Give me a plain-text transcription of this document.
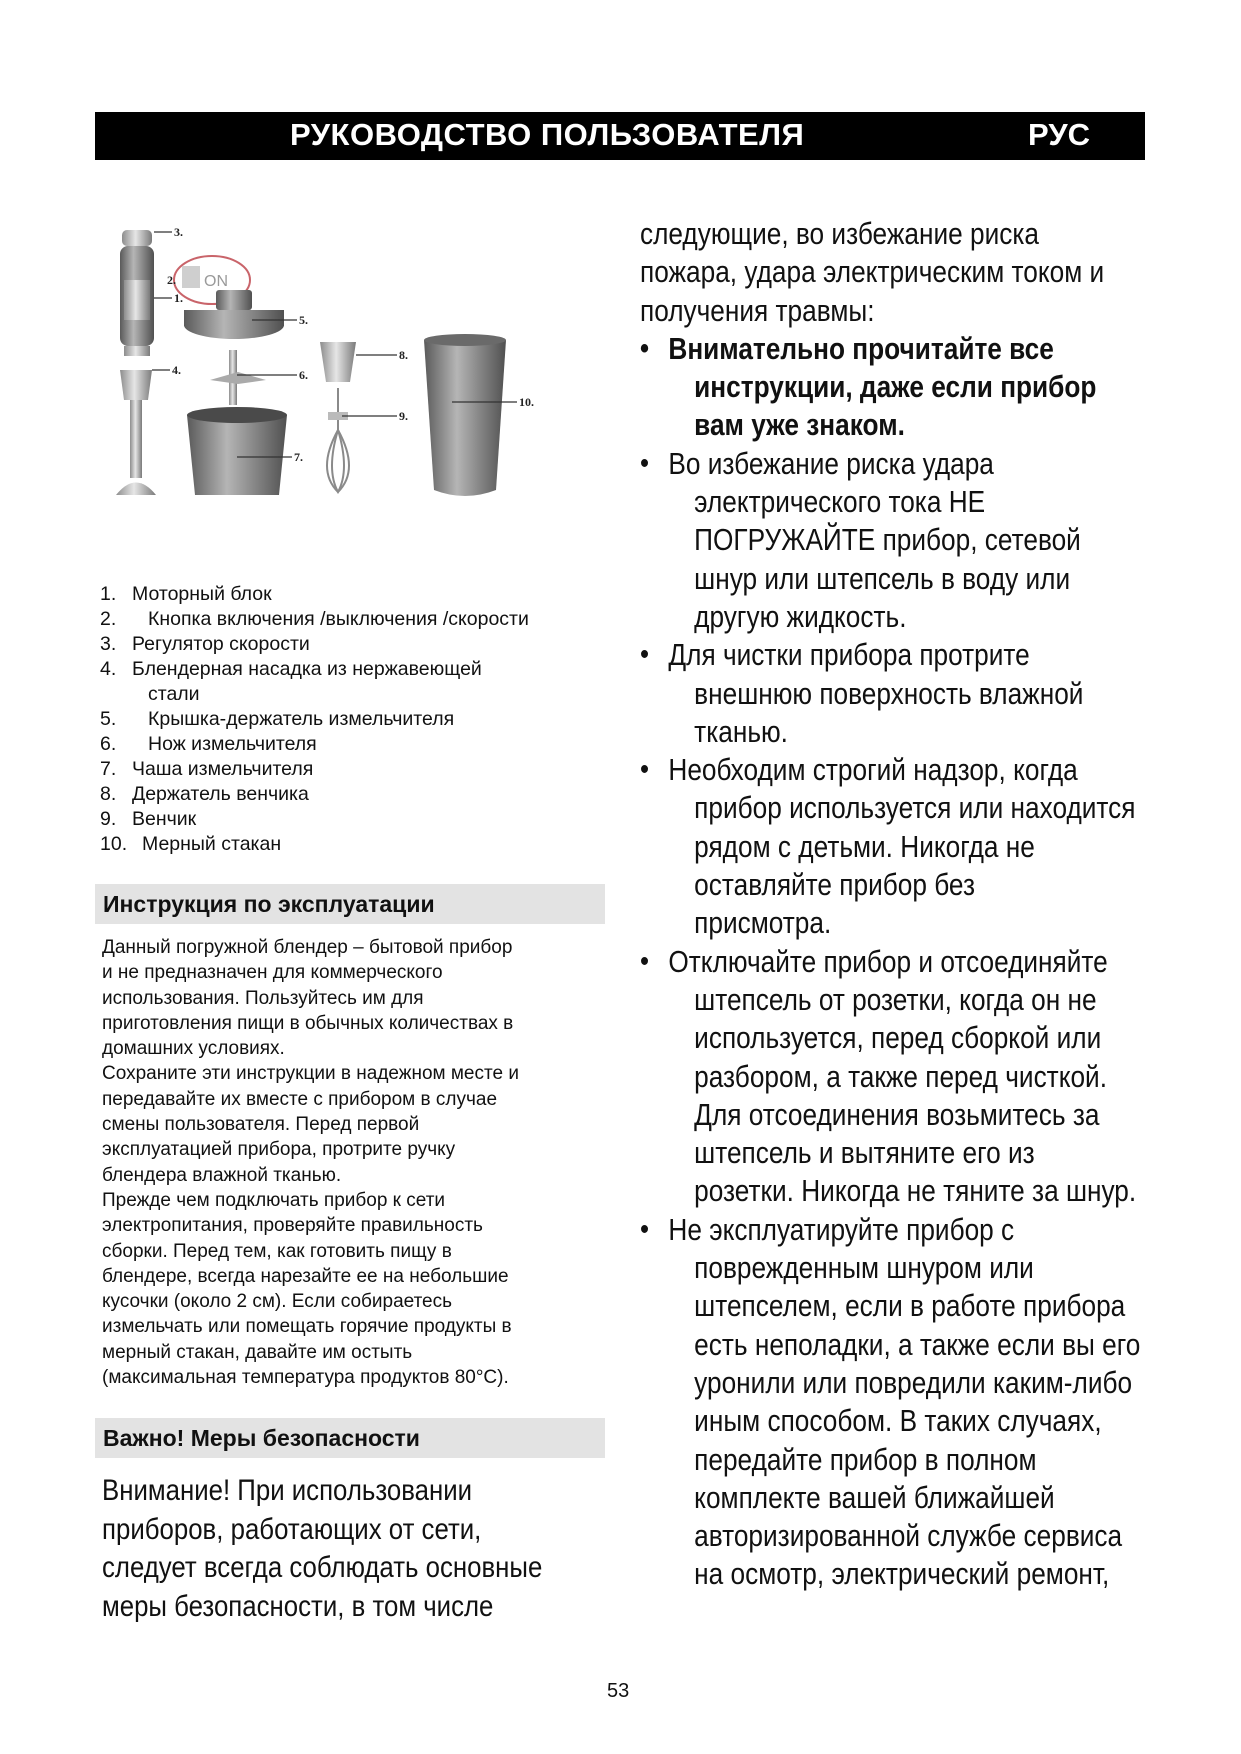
РУКОВОДСТВО ПОЛЬЗОВАТЕЛЯ	РУС
ON
3.
2.
1.
5.
4.	6.
8.
9.
10.
7.
1. Моторный блок
2.	Кнопка включения /выключения /скорости
3. Регулятор скорости
4. Блендерная насадка из нержавеющей
стали
5.	Крышка-держатель измельчителя
6.	Нож измельчителя
7. Чаша измельчителя
8. Держатель венчика
9. Венчик
10. Мерный стакан
Инструкция по эксплуатации

Данный погружной блендер – бытовой прибор

и не предназначен для коммерческого

использования. Пользуйтесь им для

приготовления пищи в обычных количествах в

домашних условиях.

Сохраните эти инструкции в надежном месте и

передавайте их вместе с прибором в случае

смены пользователя. Перед первой

эксплуатацией прибора, протрите ручку

блендера влажной тканью.

Прежде чем подключать прибор к сети

электропитания, проверяйте правильность

сборки. Перед тем, как готовить пищу в

блендере, всегда нарезайте ее на небольшие

кусочки (около 2 см). Если собираетесь

измельчать или помещать горячие продукты в

мерный стакан, давайте им остыть

(максимальная температура продуктов 80°C).

Важно! Меры безопасности
Внимание! При использовании
приборов, работающих от сети,
следует всегда соблюдать основные
меры безопасности, в том числе
следующие, во избежание риска
пожара, удара электрическим током и
получения травмы:
• Внимательно прочитайте все
инструкции, даже если прибор
вам уже знаком.
• Во избежание риска удара
электрического тока НЕ
ПОГРУЖАЙТЕ прибор, сетевой
шнур или штепсель в воду или
другую жидкость.
• Для чистки прибора протрите
внешнюю поверхность влажной
тканью.
• Необходим строгий надзор, когда
прибор используется или находится
рядом с детьми. Никогда не
оставляйте прибор без
присмотра.
• Отключайте прибор и отсоединяйте
штепсель от розетки, когда он не
используется, перед сборкой или
разбором, а также перед чисткой.
Для отсоединения возьмитесь за
штепсель и вытяните его из
розетки. Никогда не тяните за шнур.
• Не эксплуатируйте прибор с
поврежденным шнуром или
штепселем, если в работе прибора
есть неполадки, а также если вы его
уронили или повредили каким-либо
иным способом. В таких случаях,
передайте прибор в полном
комплекте вашей ближайшей
авторизированной службе сервиса
на осмотр, электрический ремонт,
53
